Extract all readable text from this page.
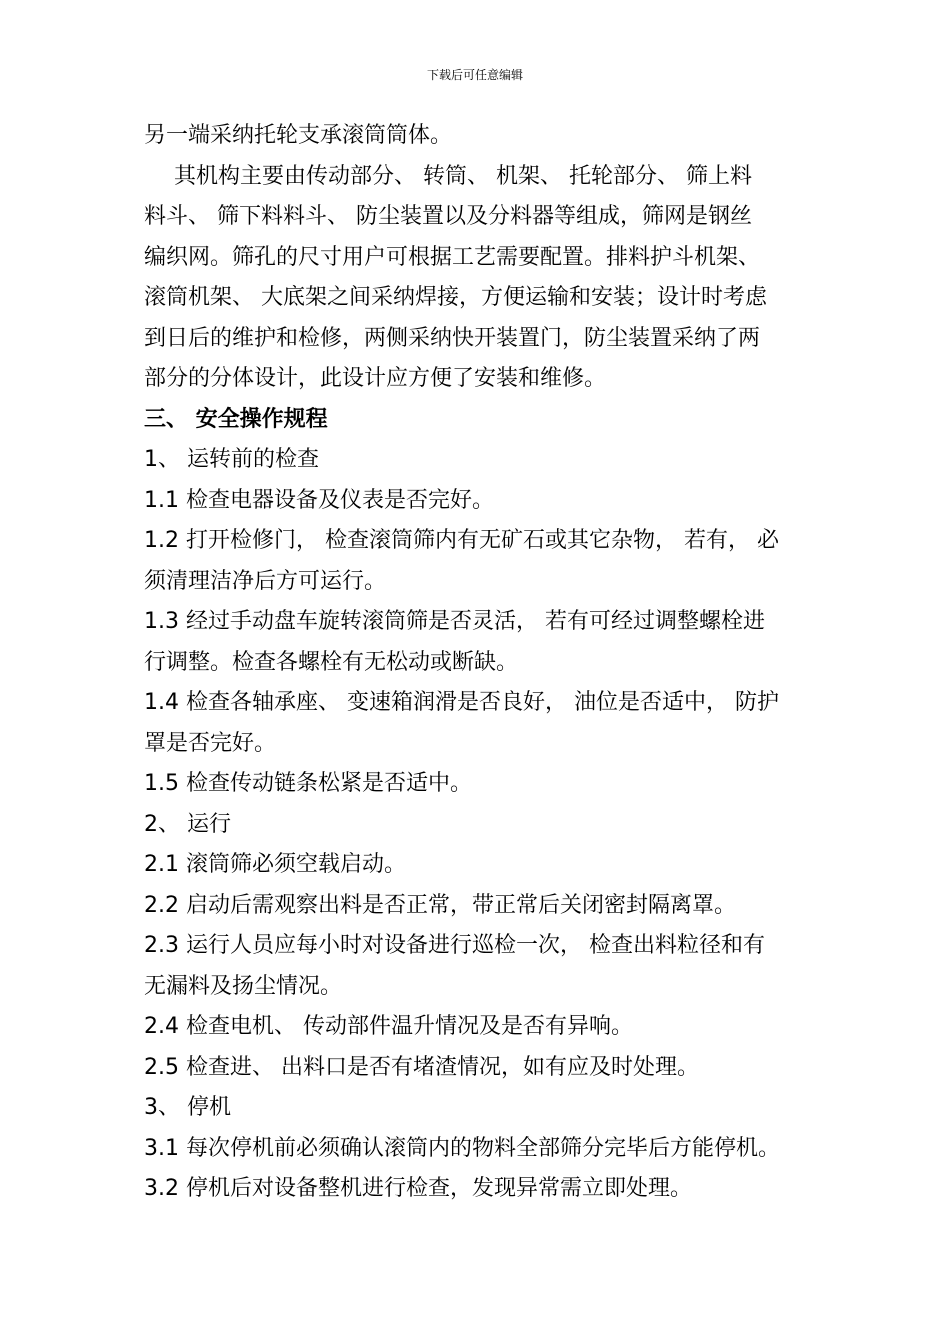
下载后可任意编辑
另一端采纳托轮支承滚筒筒体。
其机构主要由传动部分、 转筒、 机架、 托轮部分、 筛上料
料斗、 筛下料料斗、 防尘装置以及分料器等组成，筛网是钢丝
编织网。筛孔的尺寸用户可根据工艺需要配置。排料护斗机架、
滚筒机架、 大底架之间采纳焊接，方便运输和安装；设计时考虑
到日后的维护和检修，两侧采纳快开装置门，防尘装置采纳了两
部分的分体设计，此设计应方便了安装和维修。
三、 安全操作规程
1、 运转前的检查
1.1 检查电器设备及仪表是否完好。
1.2 打开检修门， 检查滚筒筛内有无矿石或其它杂物， 若有， 必
须清理洁净后方可运行。
1.3 经过手动盘车旋转滚筒筛是否灵活， 若有可经过调整螺栓进
行调整。检查各螺栓有无松动或断缺。
1.4 检查各轴承座、 变速箱润滑是否良好， 油位是否适中， 防护
罩是否完好。
1.5 检查传动链条松紧是否适中。
2、 运行
2.1 滚筒筛必须空载启动。
2.2 启动后需观察出料是否正常，带正常后关闭密封隔离罩。
2.3 运行人员应每小时对设备进行巡检一次， 检查出料粒径和有
无漏料及扬尘情况。
2.4 检查电机、 传动部件温升情况及是否有异响。
2.5 检查进、 出料口是否有堵渣情况，如有应及时处理。
3、 停机
3.1 每次停机前必须确认滚筒内的物料全部筛分完毕后方能停机。
3.2 停机后对设备整机进行检查，发现异常需立即处理。
